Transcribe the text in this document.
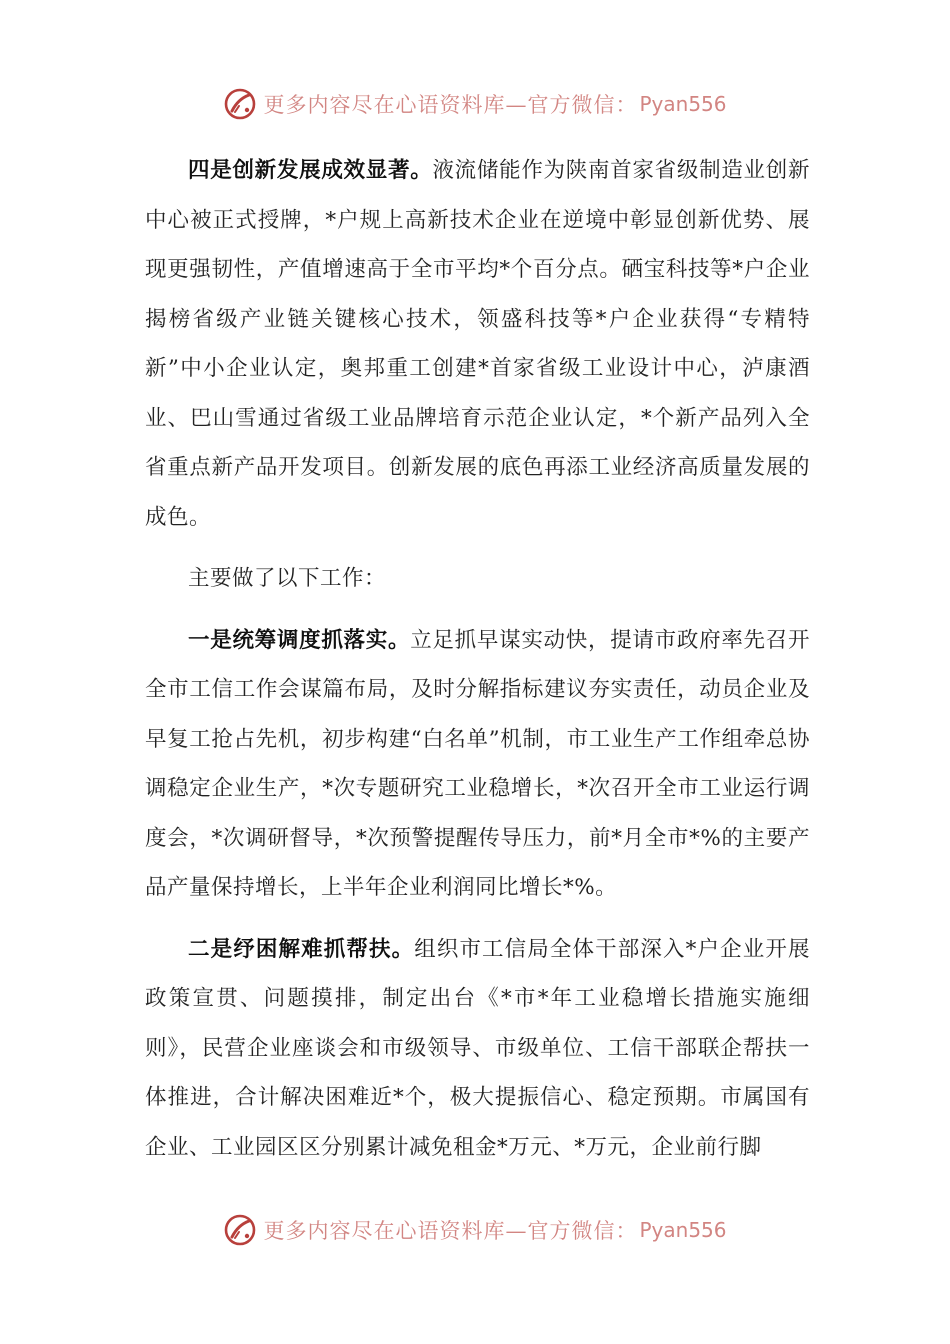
更多内容尽在心语资料库—官方微信： Pyan556

四是创新发展成效显著。液流储能作为陕南首家省级制造业创新中心被正式授牌，*户规上高新技术企业在逆境中彰显创新优势、展现更强韧性，产值增速高于全市平均*个百分点。硒宝科技等*户企业揭榜省级产业链关键核心技术，领盛科技等*户企业获得“专精特新”中小企业认定，奥邦重工创建*首家省级工业设计中心，泸康酒业、巴山雪通过省级工业品牌培育示范企业认定，*个新产品列入全省重点新产品开发项目。创新发展的底色再添工业经济高质量发展的成色。

主要做了以下工作：

一是统筹调度抓落实。立足抓早谋实动快，提请市政府率先召开全市工信工作会谋篇布局，及时分解指标建议夯实责任，动员企业及早复工抢占先机，初步构建“白名单”机制，市工业生产工作组牵总协调稳定企业生产，*次专题研究工业稳增长，*次召开全市工业运行调度会，*次调研督导，*次预警提醒传导压力，前*月全市*%的主要产品产量保持增长，上半年企业利润同比增长*%。

二是纾困解难抓帮扶。组织市工信局全体干部深入*户企业开展政策宣贯、问题摸排，制定出台《*市*年工业稳增长措施实施细则》，民营企业座谈会和市级领导、市级单位、工信干部联企帮扶一体推进，合计解决困难近*个，极大提振信心、稳定预期。市属国有企业、工业园区区分别累计减免租金*万元、*万元，企业前行脚

更多内容尽在心语资料库—官方微信： Pyan556
